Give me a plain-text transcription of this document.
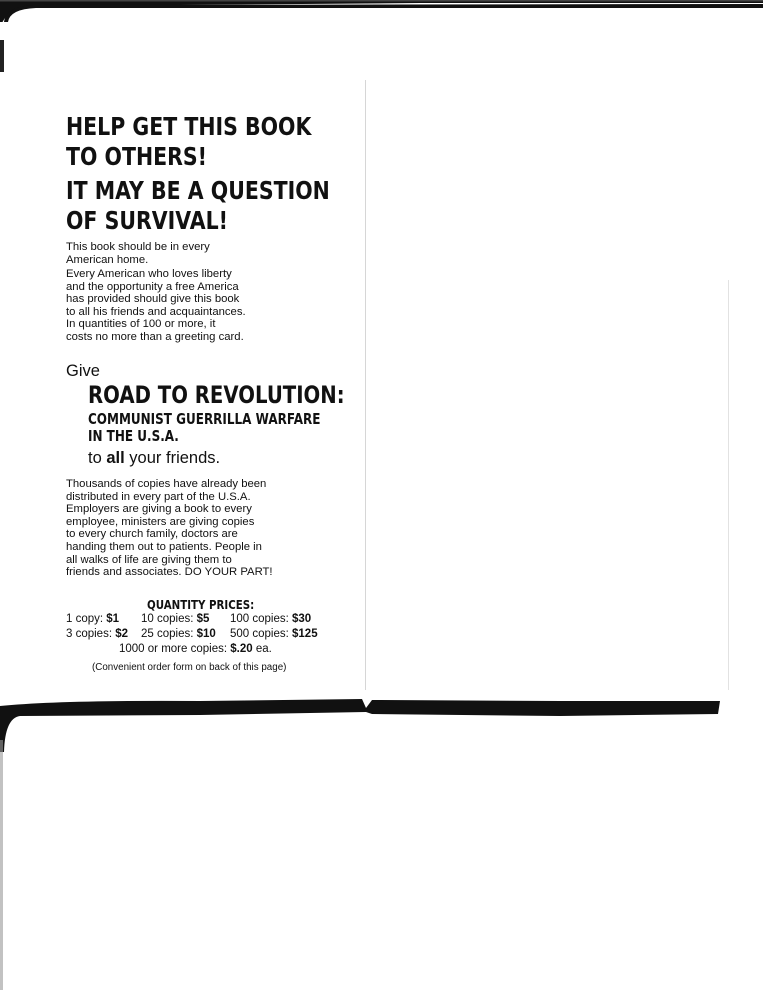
HELP GET THIS BOOK
TO OTHERS!
IT MAY BE A QUESTION
OF SURVIVAL!
This book should be in every
American home.
Every American who loves liberty
and the opportunity a free America
has provided should give this book
to all his friends and acquaintances.
In quantities of 100 or more, it
costs no more than a greeting card.
Give
ROAD TO REVOLUTION:
COMMUNIST GUERRILLA WARFARE
IN THE U.S.A.
to all your friends.
Thousands of copies have already been
distributed in every part of the U.S.A.
Employers are giving a book to every
employee, ministers are giving copies
to every church family, doctors are
handing them out to patients. People in
all walks of life are giving them to
friends and associates. DO YOUR PART!
QUANTITY PRICES:
1 copy: $1 10 copies: $5 100 copies: $30
3 copies: $2 25 copies: $10 500 copies: $125
1000 or more copies: $.20 ea.
(Convenient order form on back of this page)
